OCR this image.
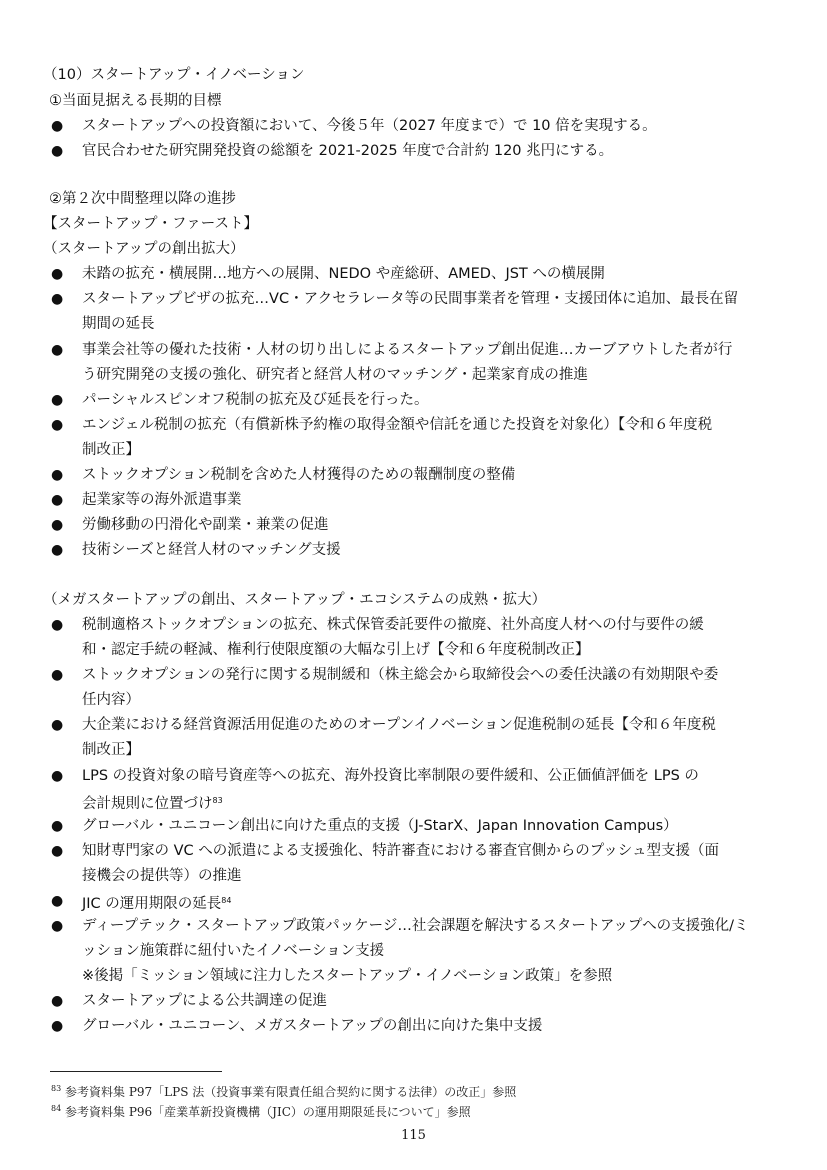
（10）スタートアップ・イノベーション
①当面見据える長期的目標
● スタートアップへの投資額において、今後５年（2027 年度まで）で 10 倍を実現する。
● 官民合わせた研究開発投資の総額を 2021-2025 年度で合計約 120 兆円にする。
②第２次中間整理以降の進捗
【スタートアップ・ファースト】
（スタートアップの創出拡大）
● 未踏の拡充・横展開…地方への展開、NEDO や産総研、AMED、JST への横展開
● スタートアップビザの拡充…VC・アクセラレータ等の民間事業者を管理・支援団体に追加、最長在留
期間の延長
● 事業会社等の優れた技術・人材の切り出しによるスタートアップ創出促進…カーブアウトした者が行
う研究開発の支援の強化、研究者と経営人材のマッチング・起業家育成の推進
● パーシャルスピンオフ税制の拡充及び延長を行った。
● エンジェル税制の拡充（有償新株予約権の取得金額や信託を通じた投資を対象化）【令和６年度税
制改正】
● ストックオプション税制を含めた人材獲得のための報酬制度の整備
● 起業家等の海外派遣事業
● 労働移動の円滑化や副業・兼業の促進
● 技術シーズと経営人材のマッチング支援
（メガスタートアップの創出、スタートアップ・エコシステムの成熟・拡大）
● 税制適格ストックオプションの拡充、株式保管委託要件の撤廃、社外高度人材への付与要件の緩
和・認定手続の軽減、権利行使限度額の大幅な引上げ【令和６年度税制改正】
● ストックオプションの発行に関する規制緩和（株主総会から取締役会への委任決議の有効期限や委
任内容）
● 大企業における経営資源活用促進のためのオープンイノベーション促進税制の延長【令和６年度税
制改正】
● LPS の投資対象の暗号資産等への拡充、海外投資比率制限の要件緩和、公正価値評価を LPS の
会計規則に位置づけ$^{83}$
● グローバル・ユニコーン創出に向けた重点的支援（J-StarX、Japan Innovation Campus）
● 知財専門家の VC への派遣による支援強化、特許審査における審査官側からのプッシュ型支援（面
接機会の提供等）の推進
● JIC の運用期限の延長$^{84}$
● ディープテック・スタートアップ政策パッケージ…社会課題を解決するスタートアップへの支援強化/ミ
ッション施策群に紐付いたイノベーション支援
※後掲「ミッション領域に注力したスタートアップ・イノベーション政策」を参照
● スタートアップによる公共調達の促進
● グローバル・ユニコーン、メガスタートアップの創出に向けた集中支援
$^{83}$ 参考資料集 P97「LPS 法（投資事業有限責任組合契約に関する法律）の改正」参照
$^{84}$ 参考資料集 P96「産業革新投資機構（JIC）の運用期限延長について」参照
115
